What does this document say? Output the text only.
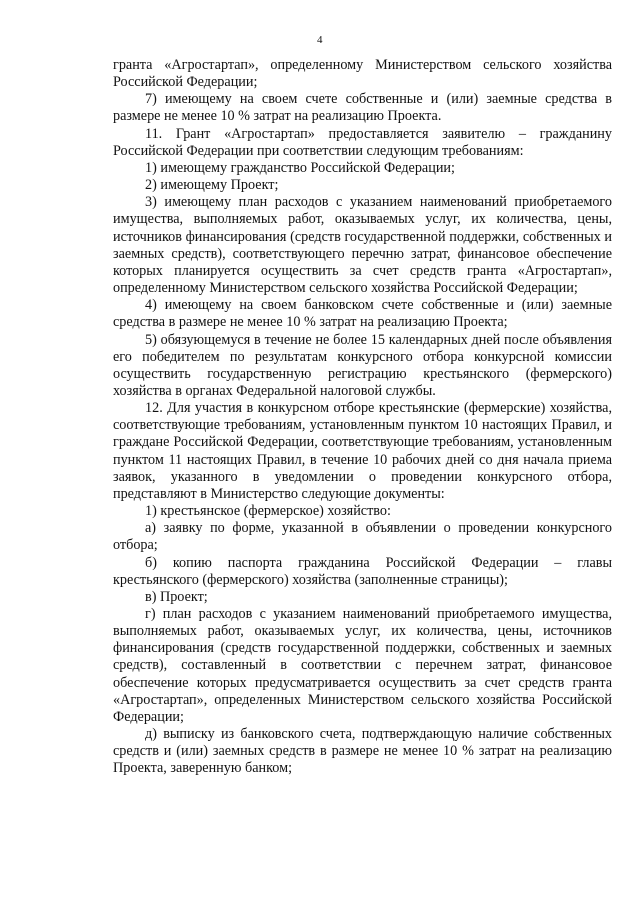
4

гранта «Агростартап», определенному Министерством сельского хозяйства Российской Федерации;

7) имеющему на своем счете собственные и (или) заемные средства в размере не менее 10 % затрат на реализацию Проекта.

11. Грант «Агростартап» предоставляется заявителю – гражданину Российской Федерации при соответствии следующим требованиям:

1) имеющему гражданство Российской Федерации;

2) имеющему Проект;

3) имеющему план расходов с указанием наименований приобретаемого имущества, выполняемых работ, оказываемых услуг, их количества, цены, источников финансирования (средств государственной поддержки, собственных и заемных средств), соответствующего перечню затрат, финансовое обеспечение которых планируется осуществить за счет средств гранта «Агростартап», определенному Министерством сельского хозяйства Российской Федерации;

4) имеющему на своем банковском счете собственные и (или) заемные средства в размере не менее 10 % затрат на реализацию Проекта;

5) обязующемуся в течение не более 15 календарных дней после объявления его победителем по результатам конкурсного отбора конкурсной комиссии осуществить государственную регистрацию крестьянского (фермерского) хозяйства в органах Федеральной налоговой службы.

12. Для участия в конкурсном отборе крестьянские (фермерские) хозяйства, соответствующие требованиям, установленным пунктом 10 настоящих Правил, и граждане Российской Федерации, соответствующие требованиям, установленным пунктом 11 настоящих Правил, в течение 10 рабочих дней со дня начала приема заявок, указанного в уведомлении о проведении конкурсного отбора, представляют в Министерство следующие документы:

1) крестьянское (фермерское) хозяйство:

а) заявку по форме, указанной в объявлении о проведении конкурсного отбора;

б) копию паспорта гражданина Российской Федерации – главы крестьянского (фермерского) хозяйства (заполненные страницы);

в) Проект;

г) план расходов с указанием наименований приобретаемого имущества, выполняемых работ, оказываемых услуг, их количества, цены, источников финансирования (средств государственной поддержки, собственных и заемных средств), составленный в соответствии с перечнем затрат, финансовое обеспечение которых предусматривается осуществить за счет средств гранта «Агростартап», определенных Министерством сельского хозяйства Российской Федерации;

д) выписку из банковского счета, подтверждающую наличие собственных средств и (или) заемных средств в размере не менее 10 % затрат на реализацию Проекта, заверенную банком;
